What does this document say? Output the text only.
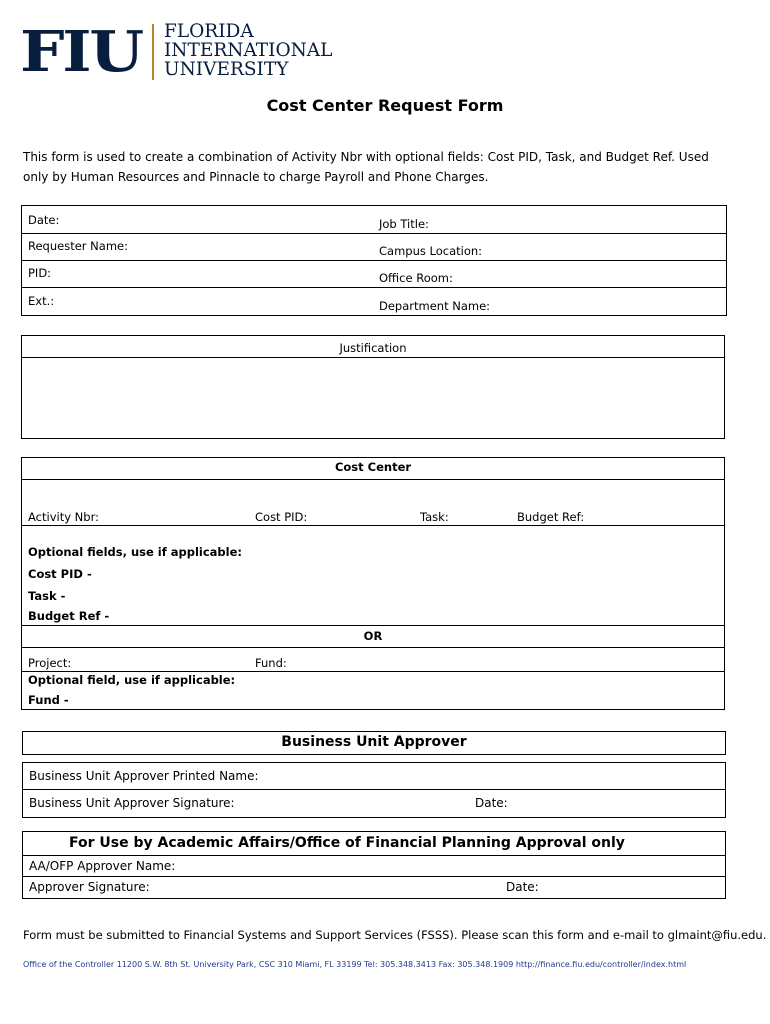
FIU FLORIDA
INTERNATIONAL
UNIVERSITY
Cost Center Request Form
This form is used to create a combination of Activity Nbr with optional fields: Cost PID, Task, and Budget Ref. Used only by Human Resources and Pinnacle to charge Payroll and Phone Charges.
Date:	Job Title:
Requester Name:	Campus Location:
PID:	Office Room:
Ext.:	Department Name:
Justification
Cost Center
Activity Nbr:	Cost PID:	Task:	Budget Ref:
Optional fields, use if applicable:
Cost PID -
Task -
Budget Ref -
OR
Project:	Fund:
Optional field, use if applicable:
Fund -
Business Unit Approver
Business Unit Approver Printed Name:
Business Unit Approver Signature:	Date:
For Use by Academic Affairs/Office of Financial Planning Approval only
AA/OFP Approver Name:
Approver Signature:	Date:
Form must be submitted to Financial Systems and Support Services (FSSS). Please scan this form and e-mail to glmaint@fiu.edu.
Office of the Controller 11200 S.W. 8th St. University Park, CSC 310 Miami, FL 33199 Tel: 305.348.3413 Fax: 305.348.1909 http://finance.fiu.edu/controller/index.html
